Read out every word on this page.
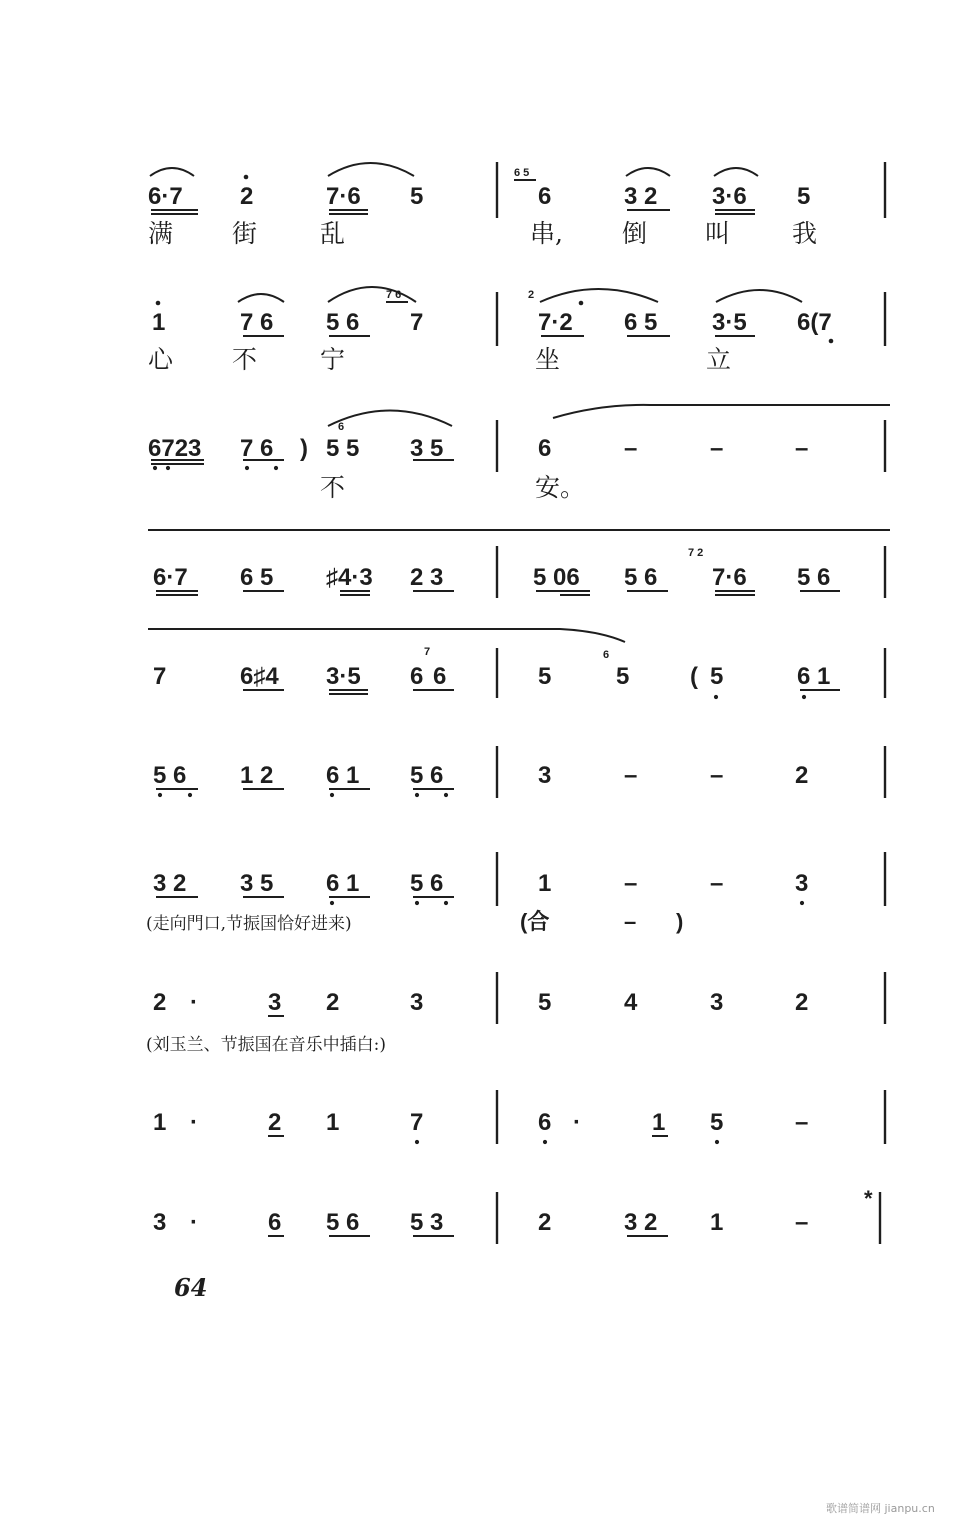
6·7 2	7·6 5	6	3 2 3·6 5
6 5
满 街	乱	串, 倒 叫 我
1	7 6 5 6 7	7·2 6 5 3·5 6(7
7 6	2
心 不	宁	坐	立
6723 7 6 ) 5 5 3 5	6	–	–	–
6
不	安。
6·7 6 5 ♯4·3 2 3	5 06 5 6 7·6 5 6
7 2
7	6♯4 3·5 6 6	5	5	( 5	6 1
7	6
5 6 1 2 6 1 5 6	3	–	–	2
3 2 3 5 6 1 5 6	1	–	–	3
(走向門口,节振国恰好进来)	(合	– )
2 ·	3 2	3	5	4	3	2
(刘玉兰、节振国在音乐中插白:)
1 ·	2 1	7	6 ·	1 5	–
3 ·	6 5 6 5 3	2	3 2 1	–
*
64
歌谱简谱网 jianpu.cn
